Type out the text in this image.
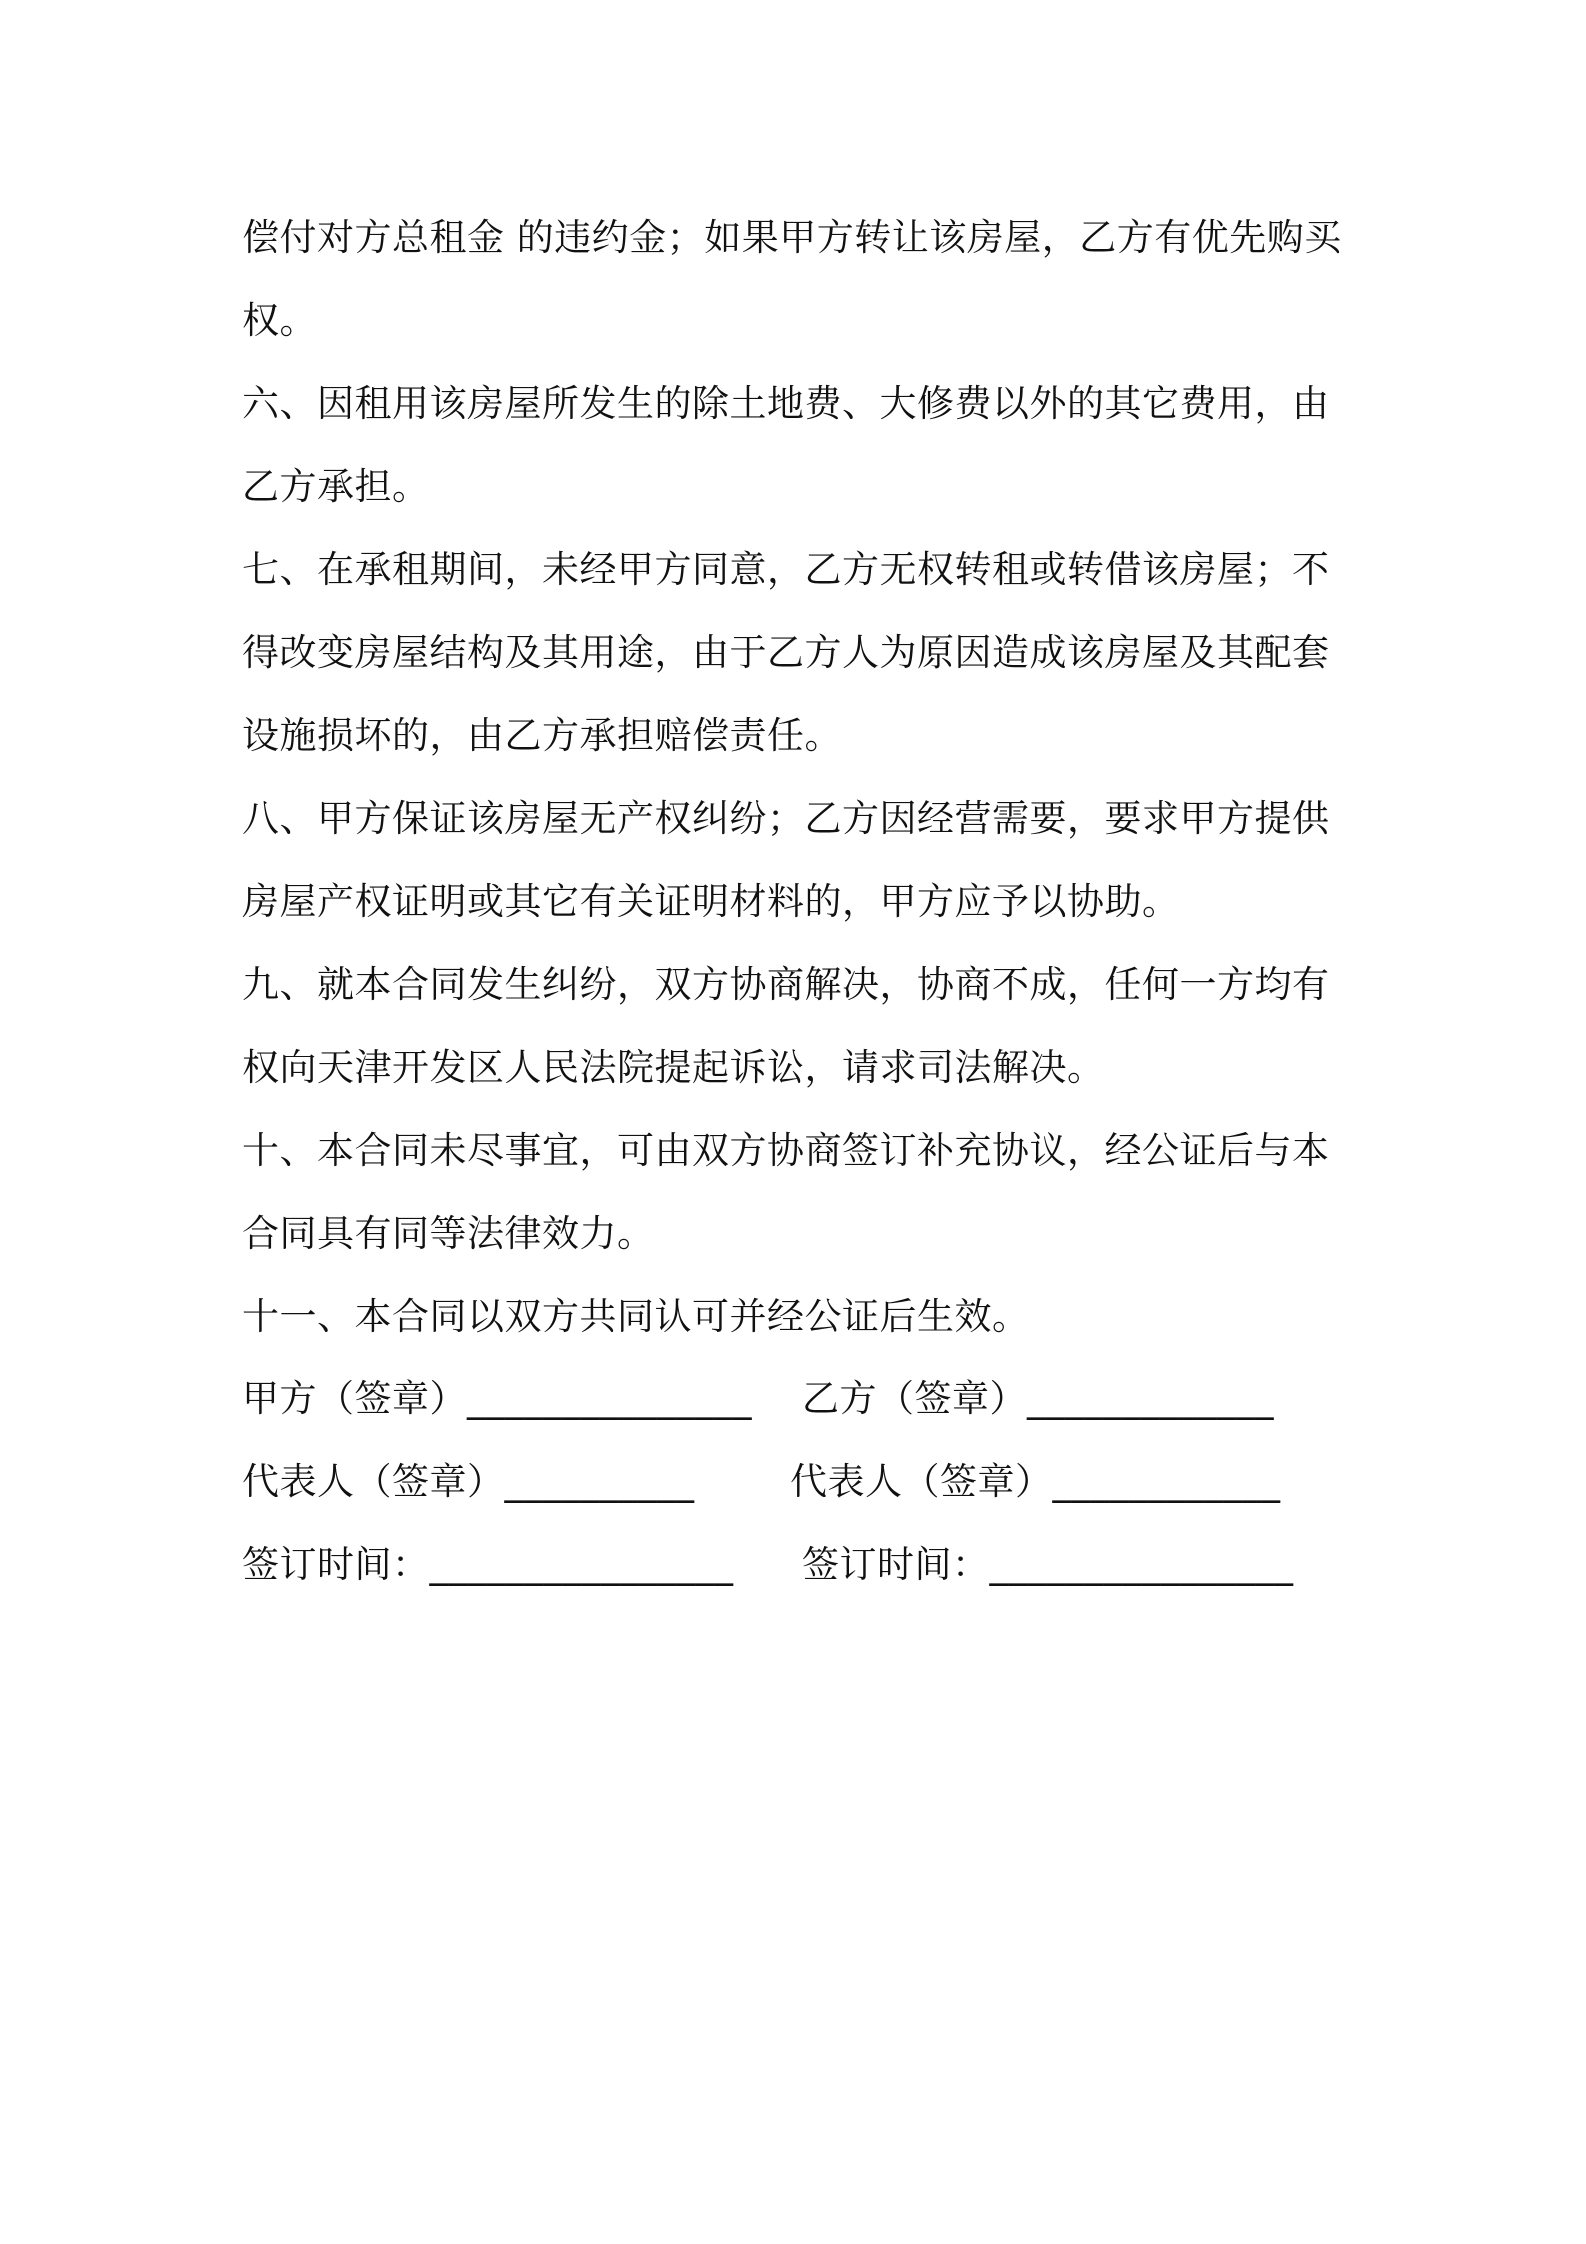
偿付对方总租金 的违约金；如果甲方转让该房屋，乙方有优先购买权。

六、因租用该房屋所发生的除土地费、大修费以外的其它费用，由乙方承担。

七、在承租期间，未经甲方同意，乙方无权转租或转借该房屋；不得改变房屋结构及其用途，由于乙方人为原因造成该房屋及其配套设施损坏的，由乙方承担赔偿责任。

八、甲方保证该房屋无产权纠纷；乙方因经营需要，要求甲方提供房屋产权证明或其它有关证明材料的，甲方应予以协助。

九、就本合同发生纠纷，双方协商解决，协商不成，任何一方均有权向天津开发区人民法院提起诉讼，请求司法解决。

十、本合同未尽事宜，可由双方协商签订补充协议，经公证后与本合同具有同等法律效力。

十一、本合同以双方共同认可并经公证后生效。

甲方（签章）_______________ 乙方（签章）_____________
代表人（签章）__________	代表人（签章）____________
签订时间：________________ 签订时间：________________
